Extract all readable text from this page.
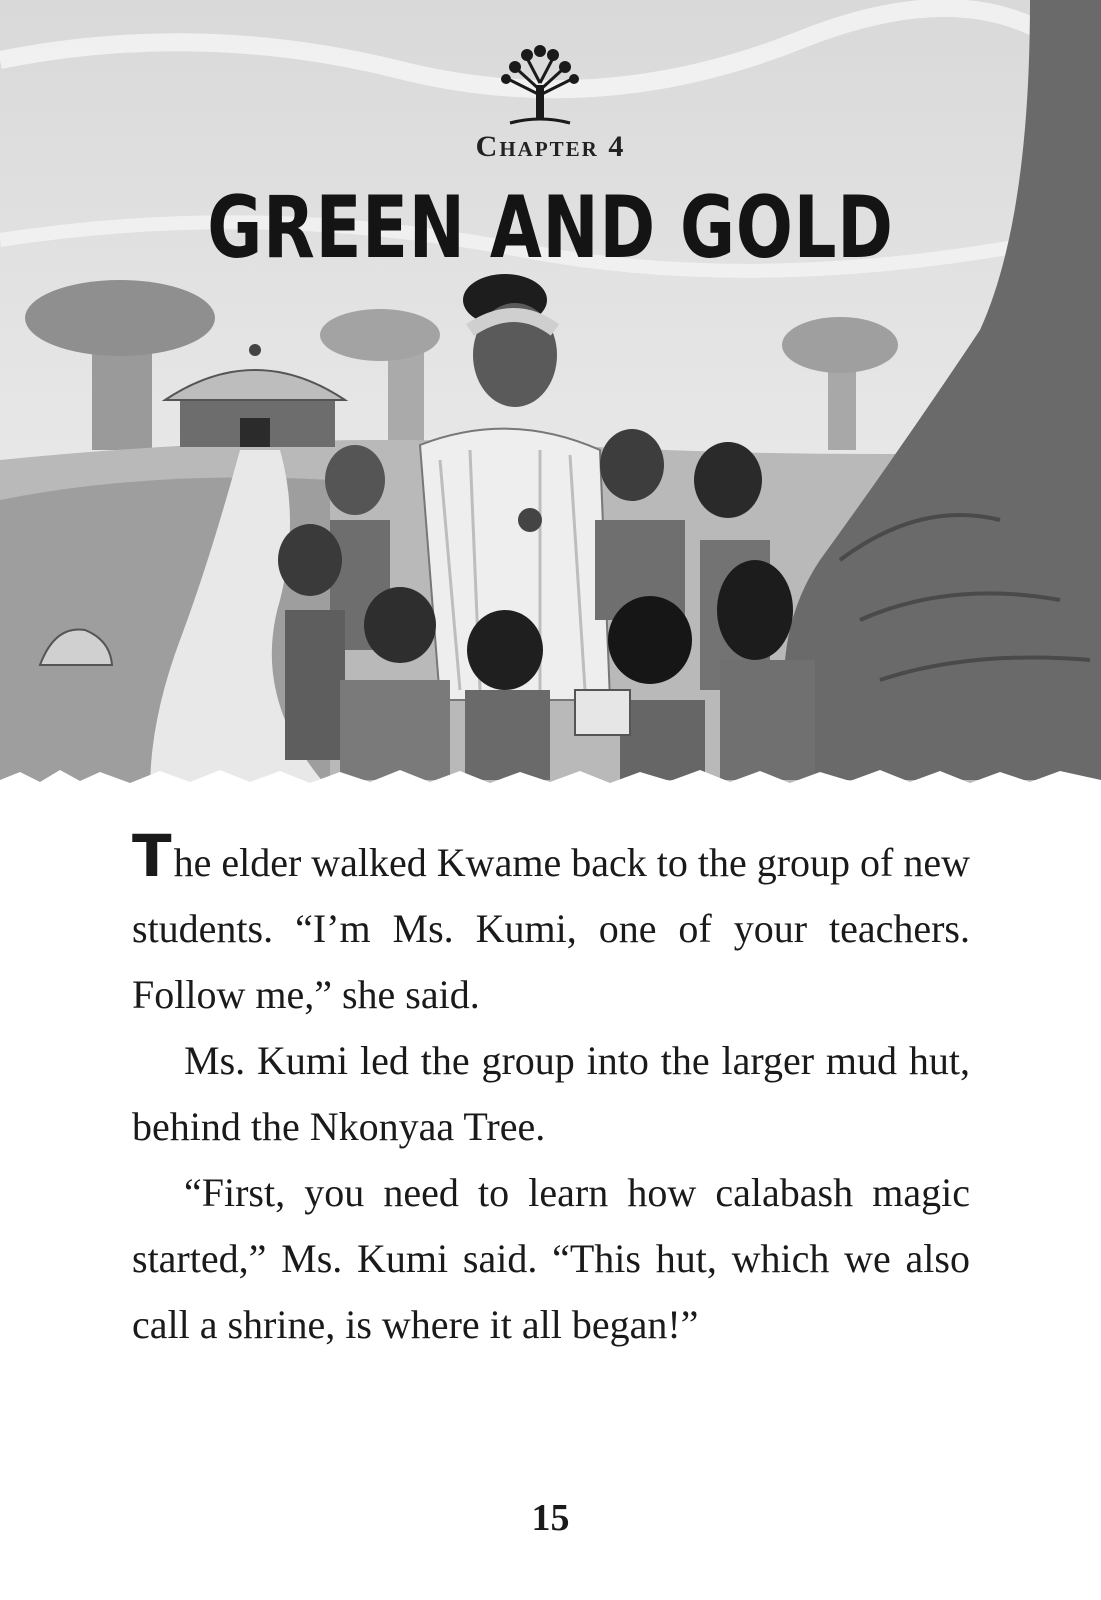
Chapter 4
GREEN AND GOLD

The elder walked Kwame back to the group of new students. “I’m Ms. Kumi, one of your teachers. Follow me,” she said.

Ms. Kumi led the group into the larger mud hut, behind the Nkonyaa Tree.

“First, you need to learn how calabash magic started,” Ms. Kumi said. “This hut, which we also call a shrine, is where it all began!”

15
